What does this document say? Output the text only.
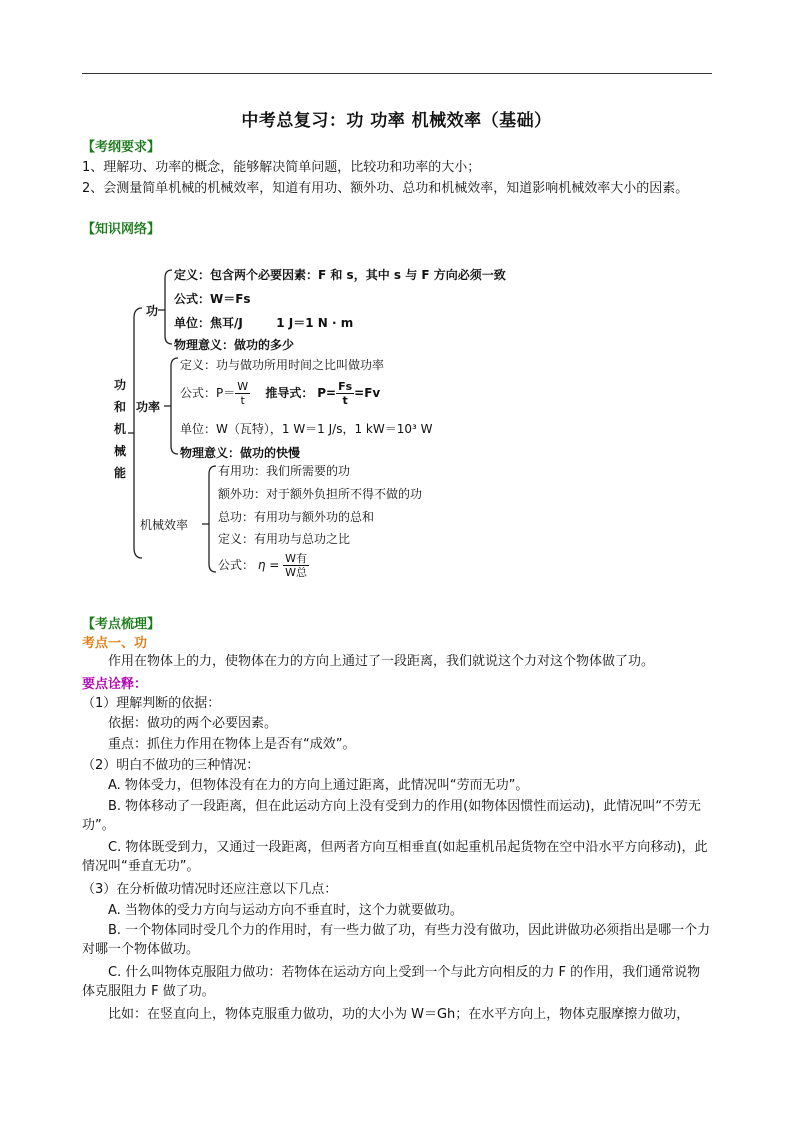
中考总复习：功 功率 机械效率（基础）
【考纲要求】
1、理解功、功率的概念，能够解决简单问题，比较功和功率的大小；
2、会测量简单机械的机械效率，知道有用功、额外功、总功和机械效率，知道影响机械效率大小的因素。
【知识网络】
功
和
机
械
能
功
定义：包含两个必要因素：F 和 s，其中 s 与 F 方向必须一致
公式：W＝Fs
单位：焦耳/J        1 J＝1 N · m
物理意义：做功的多少
功率
定义：功与做功所用时间之比叫做功率
公式：$P= \frac{W}{t}$ 推导式： $P= \frac{Fs}{t} =Fv$
单位：W（瓦特），1 W＝1 J/s，1 kW＝10³ W
物理意义：做功的快慢
机械效率
有用功：我们所需要的功
额外功：对于额外负担所不得不做的功
总功：有用功与额外功的总和
定义：有用功与总功之比
公式： $\eta = \frac{\text{W有}}{\text{W总}}$
【考点梳理】
考点一、功
作用在物体上的力，使物体在力的方向上通过了一段距离，我们就说这个力对这个物体做了功。
要点诠释：
（1）理解判断的依据：
依据：做功的两个必要因素。
重点：抓住力作用在物体上是否有“成效”。
（2）明白不做功的三种情况：
A. 物体受力，但物体没有在力的方向上通过距离，此情况叫“劳而无功”。
B. 物体移动了一段距离，但在此运动方向上没有受到力的作用(如物体因惯性而运动)，此情况叫“不劳无功”。
C. 物体既受到力，又通过一段距离，但两者方向互相垂直(如起重机吊起货物在空中沿水平方向移动)，此情况叫“垂直无功”。
（3）在分析做功情况时还应注意以下几点：
A. 当物体的受力方向与运动方向不垂直时，这个力就要做功。
B. 一个物体同时受几个力的作用时，有一些力做了功，有些力没有做功，因此讲做功必须指出是哪一个力对哪一个物体做功。
C. 什么叫物体克服阻力做功：若物体在运动方向上受到一个与此方向相反的力 F 的作用，我们通常说物体克服阻力 F 做了功。
比如：在竖直向上，物体克服重力做功，功的大小为 W＝Gh；在水平方向上，物体克服摩擦力做功，
